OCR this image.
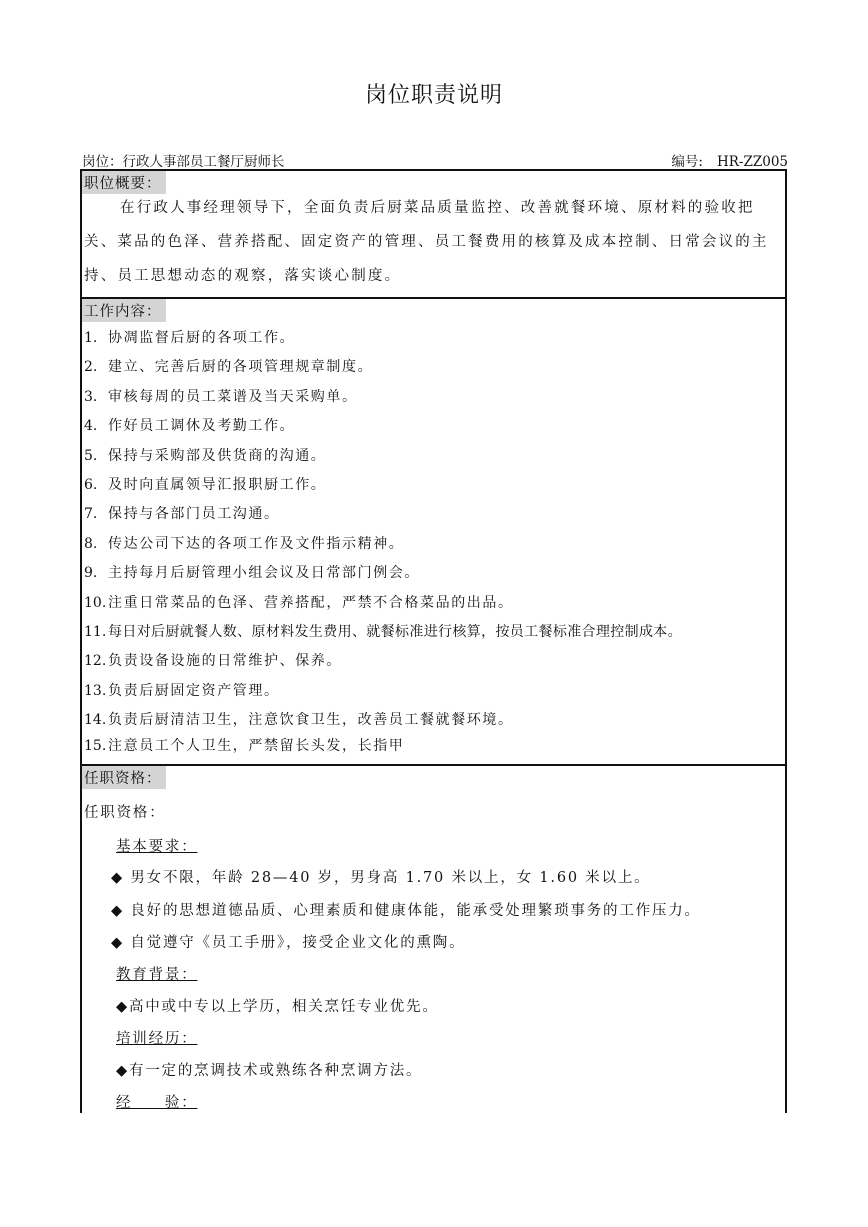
岗位职责说明
岗位：行政人事部员工餐厅厨师长	编号: HR-ZZ005
职位概要：
在行政人事经理领导下，全面负责后厨菜品质量监控、改善就餐环境、原材料的验收把关、菜品的色泽、营养搭配、固定资产的管理、员工餐费用的核算及成本控制、日常会议的主持、员工思想动态的观察，落实谈心制度。
工作内容：
1. 协凋监督后厨的各项工作。
2. 建立、完善后厨的各项管理规章制度。
3. 审核每周的员工菜谱及当天采购单。
4. 作好员工调休及考勤工作。
5. 保持与采购部及供货商的沟通。
6. 及时向直属领导汇报职厨工作。
7. 保持与各部门员工沟通。
8. 传达公司下达的各项工作及文件指示精神。
9. 主持每月后厨管理小组会议及日常部门例会。
10. 注重日常菜品的色泽、营养搭配，严禁不合格菜品的出品。
11. 每日对后厨就餐人数、原材料发生费用、就餐标准进行核算，按员工餐标准合理控制成本。
12. 负责设备设施的日常维护、保养。
13. 负责后厨固定资产管理。
14. 负责后厨清洁卫生，注意饮食卫生，改善员工餐就餐环境。
15. 注意员工个人卫生，严禁留长头发，长指甲
任职资格：
任职资格：
基本要求：
◆ 男女不限，年龄 28—40 岁，男身高 1.70 米以上，女 1.60 米以上。
◆ 良好的思想道德品质、心理素质和健康体能，能承受处理繁琐事务的工作压力。
◆ 自觉遵守《员工手册》，接受企业文化的熏陶。
教育背景：
◆高中或中专以上学历，相关烹饪专业优先。
培训经历：
◆有一定的烹调技术或熟练各种烹调方法。
经　　验：
